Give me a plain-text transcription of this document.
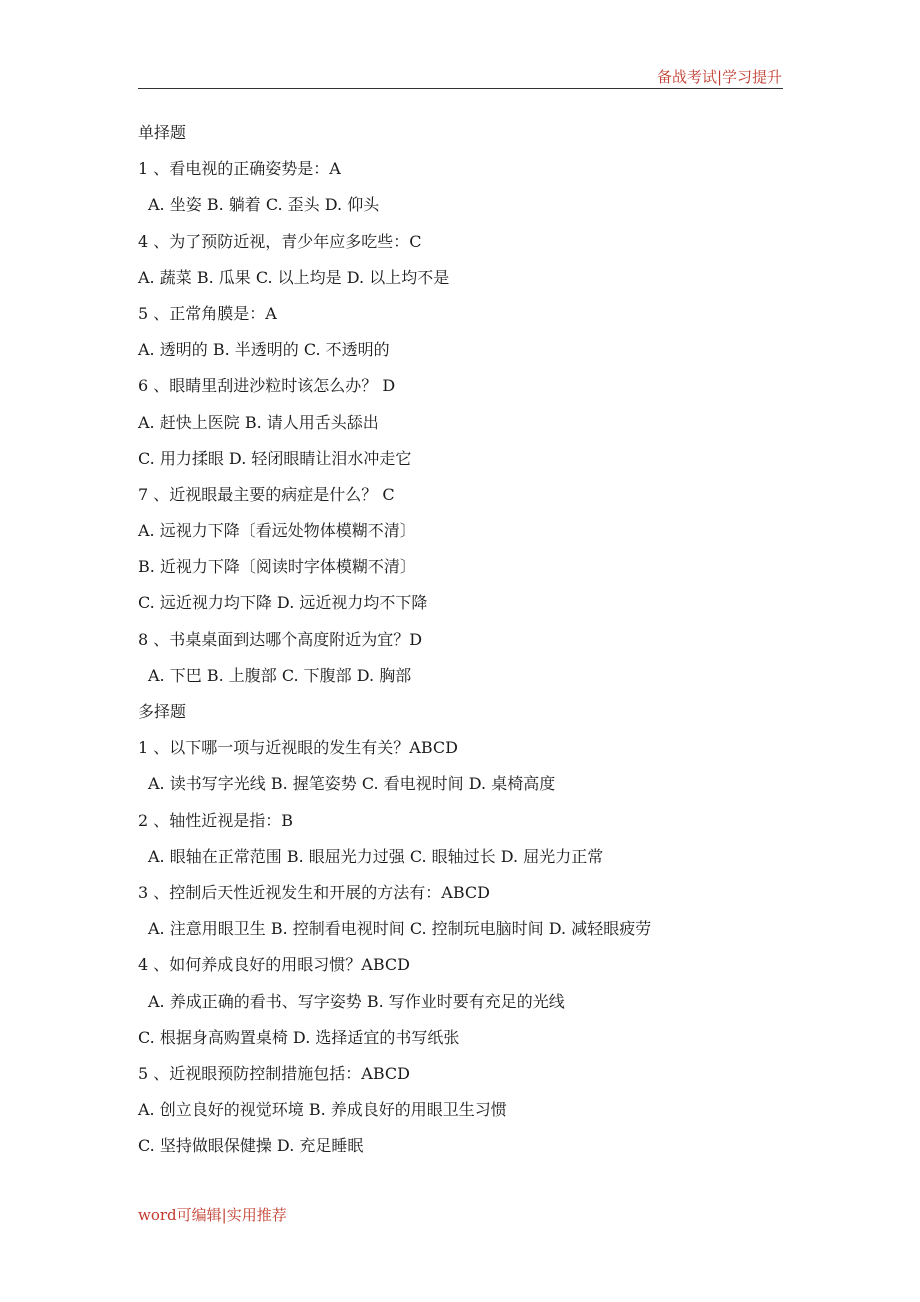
备战考试|学习提升
单择题
1 、看电视的正确姿势是：A
A. 坐姿 B. 躺着 C. 歪头 D. 仰头
4 、为了预防近视，青少年应多吃些：C
A. 蔬菜 B. 瓜果 C. 以上均是 D. 以上均不是
5 、正常角膜是：A
A. 透明的 B. 半透明的 C. 不透明的
6 、眼睛里刮进沙粒时该怎么办？ D
A. 赶快上医院 B. 请人用舌头舔出
C. 用力揉眼 D. 轻闭眼睛让泪水冲走它
7 、近视眼最主要的病症是什么？ C
A. 远视力下降〔看远处物体模糊不清〕
B. 近视力下降〔阅读时字体模糊不清〕
C. 远近视力均下降 D. 远近视力均不下降
8 、书桌桌面到达哪个高度附近为宜？D
A. 下巴 B. 上腹部 C. 下腹部 D. 胸部
多择题
1 、以下哪一项与近视眼的发生有关？ABCD
A. 读书写字光线 B. 握笔姿势 C. 看电视时间 D. 桌椅高度
2 、轴性近视是指：B
A. 眼轴在正常范围 B. 眼屈光力过强 C. 眼轴过长 D. 屈光力正常
3 、控制后天性近视发生和开展的方法有：ABCD
A. 注意用眼卫生 B. 控制看电视时间 C. 控制玩电脑时间 D. 减轻眼疲劳
4 、如何养成良好的用眼习惯？ABCD
A. 养成正确的看书、写字姿势 B. 写作业时要有充足的光线
C. 根据身高购置桌椅 D. 选择适宜的书写纸张
5 、近视眼预防控制措施包括：ABCD
A. 创立良好的视觉环境 B. 养成良好的用眼卫生习惯
C. 坚持做眼保健操 D. 充足睡眠
word可编辑|实用推荐
